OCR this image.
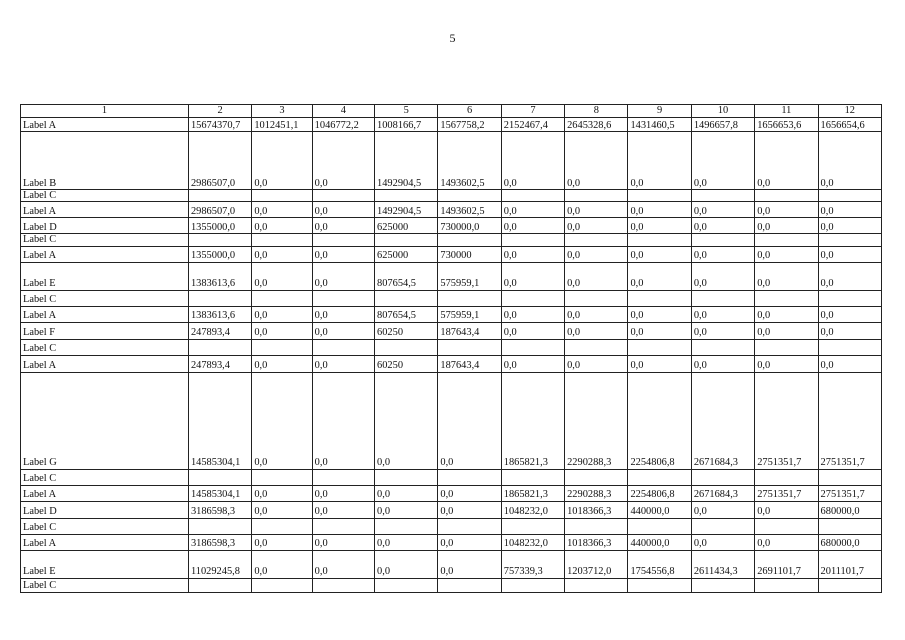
5
1	2	3	4	5	6	7	8	9	10	11	12
Label A	15674370,7	1012451,1	1046772,2	1008166,7	1567758,2	2152467,4	2645328,6	1431460,5	1496657,8	1656653,6	1656654,6
Label B	2986507,0	0,0	0,0	1492904,5	1493602,5	0,0	0,0	0,0	0,0	0,0	0,0
Label C											
Label A	2986507,0	0,0	0,0	1492904,5	1493602,5	0,0	0,0	0,0	0,0	0,0	0,0
Label D	1355000,0	0,0	0,0	625000	730000,0	0,0	0,0	0,0	0,0	0,0	0,0
Label C											
Label A	1355000,0	0,0	0,0	625000	730000	0,0	0,0	0,0	0,0	0,0	0,0
Label E	1383613,6	0,0	0,0	807654,5	575959,1	0,0	0,0	0,0	0,0	0,0	0,0
Label C											
Label A	1383613,6	0,0	0,0	807654,5	575959,1	0,0	0,0	0,0	0,0	0,0	0,0
Label F	247893,4	0,0	0,0	60250	187643,4	0,0	0,0	0,0	0,0	0,0	0,0
Label C											
Label A	247893,4	0,0	0,0	60250	187643,4	0,0	0,0	0,0	0,0	0,0	0,0
Label G	14585304,1	0,0	0,0	0,0	0,0	1865821,3	2290288,3	2254806,8	2671684,3	2751351,7	2751351,7
Label C											
Label A	14585304,1	0,0	0,0	0,0	0,0	1865821,3	2290288,3	2254806,8	2671684,3	2751351,7	2751351,7
Label D	3186598,3	0,0	0,0	0,0	0,0	1048232,0	1018366,3	440000,0	0,0	0,0	680000,0
Label C											
Label A	3186598,3	0,0	0,0	0,0	0,0	1048232,0	1018366,3	440000,0	0,0	0,0	680000,0
Label E	11029245,8	0,0	0,0	0,0	0,0	757339,3	1203712,0	1754556,8	2611434,3	2691101,7	2011101,7
Label C											
